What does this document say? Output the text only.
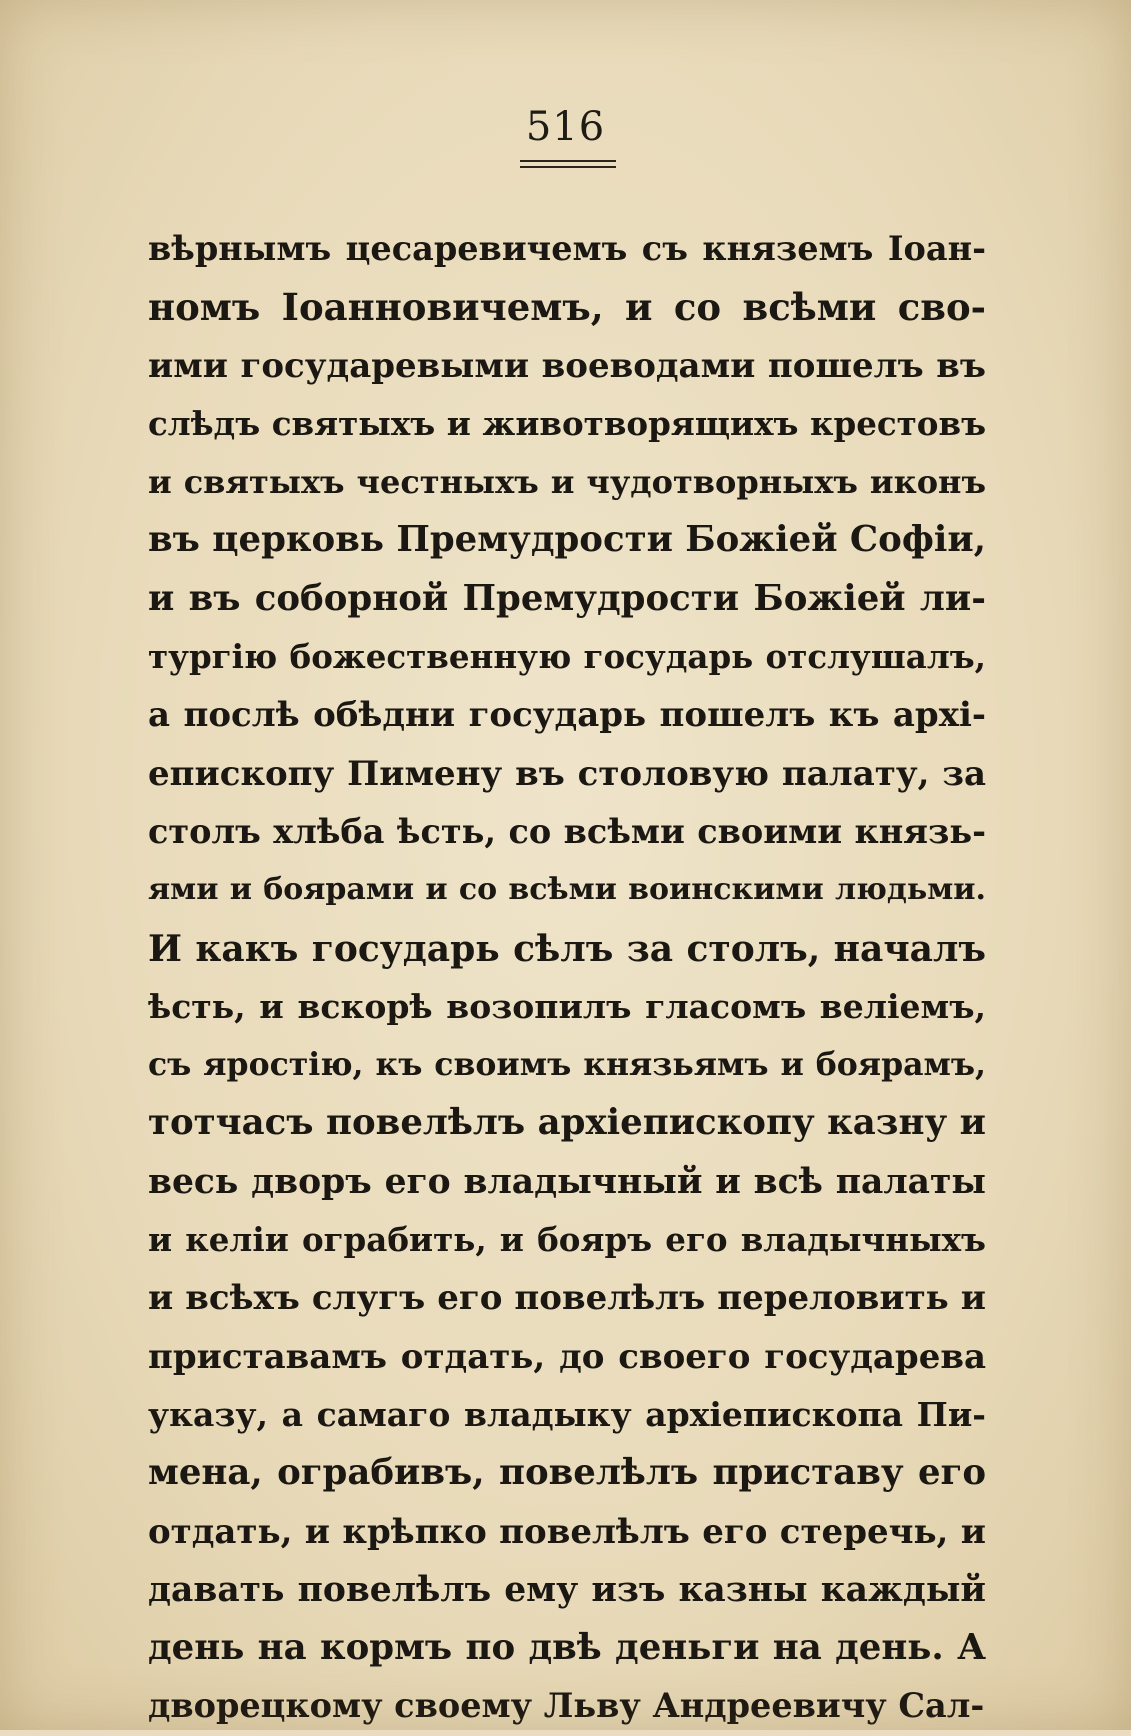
516
вѣрнымъ цесаревичемъ съ княземъ Іоан-
номъ Іоанновичемъ, и со всѣми сво-
ими государевыми воеводами пошелъ въ
слѣдъ святыхъ и животворящихъ крестовъ
и святыхъ честныхъ и чудотворныхъ иконъ
въ церковь Премудрости Божіей Софіи,
и въ соборной Премудрости Божіей ли-
тургію божественную государь отслушалъ,
а послѣ обѣдни государь пошелъ къ архі-
епископу Пимену въ столовую палату, за
столъ хлѣба ѣсть, со всѣми своими князь-
ями и боярами и со всѣми воинскими людьми.
И какъ государь сѣлъ за столъ, началъ
ѣсть, и вскорѣ возопилъ гласомъ веліемъ,
съ яростію, къ своимъ князьямъ и боярамъ,
тотчасъ повелѣлъ архіепископу казну и
весь дворъ его владычный и всѣ палаты
и келіи ограбить, и бояръ его владычныхъ
и всѣхъ слугъ его повелѣлъ переловить и
приставамъ отдать, до своего государева
указу, а самаго владыку архіепископа Пи-
мена, ограбивъ, повелѣлъ приставу его
отдать, и крѣпко повелѣлъ его стеречь, и
давать повелѣлъ ему изъ казны каждый
день на кормъ по двѣ деньги на день. А
дворецкому своему Льву Андреевичу Сал-
